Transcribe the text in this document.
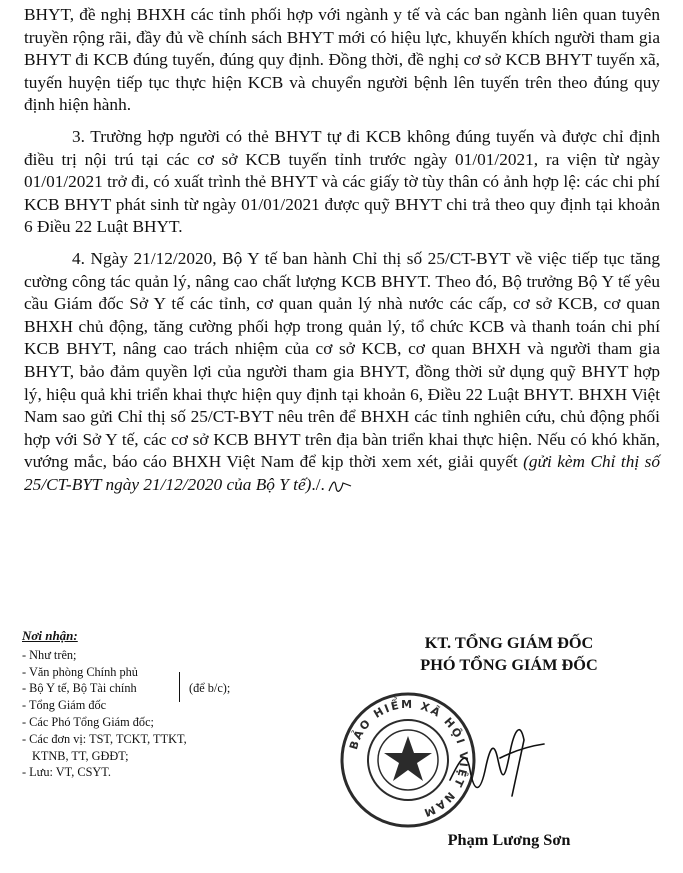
BHYT, đề nghị BHXH các tỉnh phối hợp với ngành y tế và các ban ngành liên quan tuyên truyền rộng rãi, đầy đủ về chính sách BHYT mới có hiệu lực, khuyến khích người tham gia BHYT đi KCB đúng tuyến, đúng quy định. Đồng thời, đề nghị cơ sở KCB BHYT tuyến xã, tuyến huyện tiếp tục thực hiện KCB và chuyển người bệnh lên tuyến trên theo đúng quy định hiện hành.

3. Trường hợp người có thẻ BHYT tự đi KCB không đúng tuyến và được chỉ định điều trị nội trú tại các cơ sở KCB tuyến tỉnh trước ngày 01/01/2021, ra viện từ ngày 01/01/2021 trở đi, có xuất trình thẻ BHYT và các giấy tờ tùy thân có ảnh hợp lệ: các chi phí KCB BHYT phát sinh từ ngày 01/01/2021 được quỹ BHYT chi trả theo quy định tại khoản 6 Điều 22 Luật BHYT.

4. Ngày 21/12/2020, Bộ Y tế ban hành Chỉ thị số 25/CT-BYT về việc tiếp tục tăng cường công tác quản lý, nâng cao chất lượng KCB BHYT. Theo đó, Bộ trưởng Bộ Y tế yêu cầu Giám đốc Sở Y tế các tỉnh, cơ quan quản lý nhà nước các cấp, cơ sở KCB, cơ quan BHXH chủ động, tăng cường phối hợp trong quản lý, tổ chức KCB và thanh toán chi phí KCB BHYT, nâng cao trách nhiệm của cơ sở KCB, cơ quan BHXH và người tham gia BHYT, bảo đảm quyền lợi của người tham gia BHYT, đồng thời sử dụng quỹ BHYT hợp lý, hiệu quả khi triển khai thực hiện quy định tại khoản 6, Điều 22 Luật BHYT. BHXH Việt Nam sao gửi Chỉ thị số 25/CT-BYT nêu trên để BHXH các tỉnh nghiên cứu, chủ động phối hợp với Sở Y tế, các cơ sở KCB BHYT trên địa bàn triển khai thực hiện. Nếu có khó khăn, vướng mắc, báo cáo BHXH Việt Nam để kịp thời xem xét, giải quyết (gửi kèm Chỉ thị số 25/CT-BYT ngày 21/12/2020 của Bộ Y tế)./.

Nơi nhận:
- Như trên;
- Văn phòng Chính phủ
- Bộ Y tế, Bộ Tài chính
- Tổng Giám đốc
- Các Phó Tổng Giám đốc;
- Các đơn vị: TST, TCKT, TTKT,
KTNB, TT, GĐĐT;
- Lưu: VT, CSYT.
(để b/c);
KT. TỔNG GIÁM ĐỐC
PHÓ TỔNG GIÁM ĐỐC
BẢO HIỂM XÃ HỘI VIỆT NAM
Phạm Lương Sơn
